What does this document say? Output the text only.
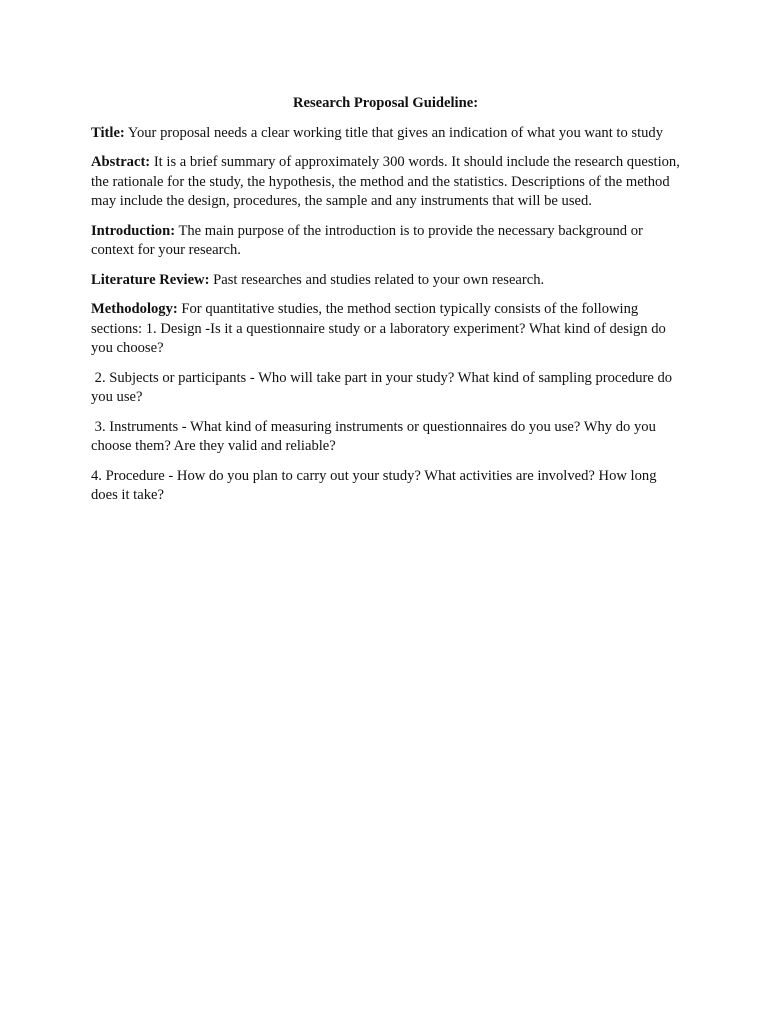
Research Proposal Guideline:

Title: Your proposal needs a clear working title that gives an indication of what you want to study

Abstract: It is a brief summary of approximately 300 words. It should include the research question, the rationale for the study, the hypothesis, the method and the statistics. Descriptions of the method may include the design, procedures, the sample and any instruments that will be used.

Introduction: The main purpose of the introduction is to provide the necessary background or context for your research.

Literature Review: Past researches and studies related to your own research.

Methodology: For quantitative studies, the method section typically consists of the following sections: 1. Design -Is it a questionnaire study or a laboratory experiment? What kind of design do you choose?

2. Subjects or participants - Who will take part in your study? What kind of sampling procedure do you use?

3. Instruments - What kind of measuring instruments or questionnaires do you use? Why do you choose them? Are they valid and reliable?

4. Procedure - How do you plan to carry out your study? What activities are involved? How long does it take?
